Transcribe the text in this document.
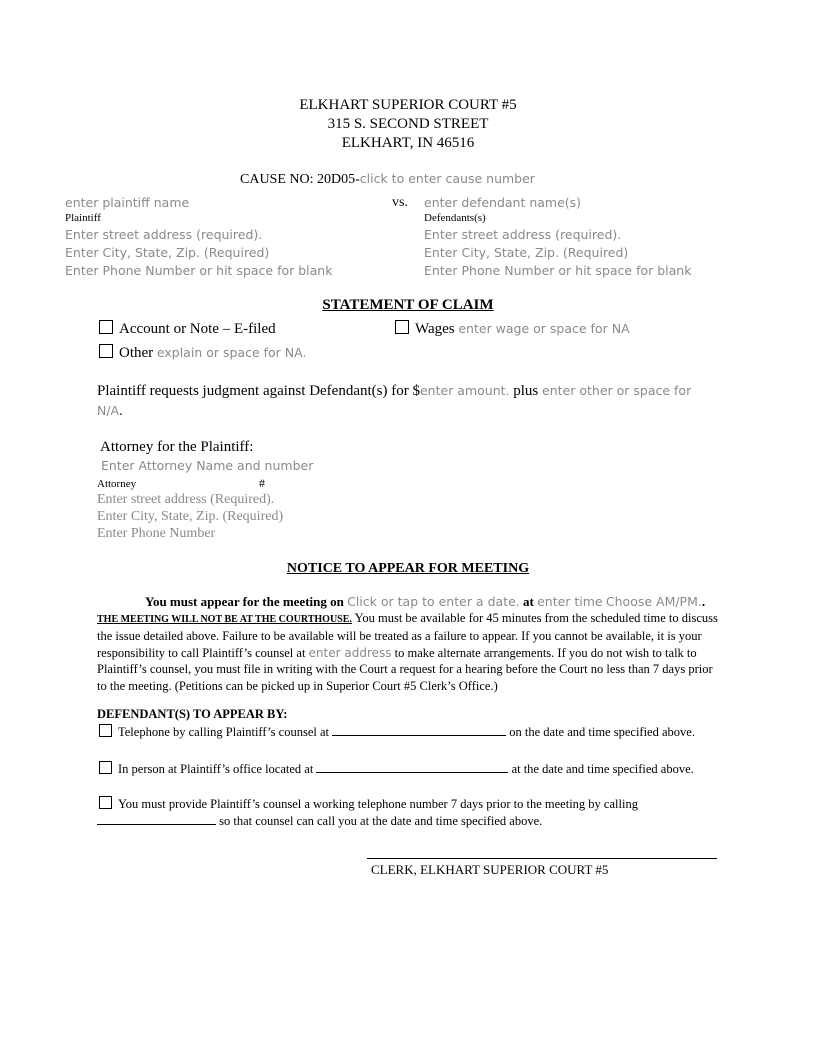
ELKHART SUPERIOR COURT #5
315 S. SECOND STREET
ELKHART, IN 46516
CAUSE NO: 20D05-click to enter cause number
enter plaintiff name
Plaintiff
Enter street address (required).
Enter City, State, Zip. (Required)
Enter Phone Number or hit space for blank
vs. enter defendant name(s)
Defendants(s)
Enter street address (required).
Enter City, State, Zip. (Required)
Enter Phone Number or hit space for blank
STATEMENT OF CLAIM
Account or Note – E-filed	Wages enter wage or space for NA
Other explain or space for NA.
Plaintiff requests judgment against Defendant(s) for $enter amount. plus enter other or space for
N/A.
Attorney for the Plaintiff:
Enter Attorney Name and number
Attorney	#
Enter street address (Required).
Enter City, State, Zip. (Required)
Enter Phone Number
NOTICE TO APPEAR FOR MEETING
You must appear for the meeting on Click or tap to enter a date. at enter time Choose AM/PM..
THE MEETING WILL NOT BE AT THE COURTHOUSE. You must be available for 45 minutes from the scheduled time to discuss the issue detailed above. Failure to be available will be treated as a failure to appear. If you cannot be available, it is your responsibility to call Plaintiff’s counsel at enter address to make alternate arrangements. If you do not wish to talk to Plaintiff’s counsel, you must file in writing with the Court a request for a hearing before the Court no less than 7 days prior to the meeting. (Petitions can be picked up in Superior Court #5 Clerk’s Office.)
DEFENDANT(S) TO APPEAR BY:
Telephone by calling Plaintiff’s counsel at	on the date and time specified above.
In person at Plaintiff’s office located at	at the date and time specified above.
You must provide Plaintiff’s counsel a working telephone number 7 days prior to the meeting by calling
so that counsel can call you at the date and time specified above.
CLERK, ELKHART SUPERIOR COURT #5
